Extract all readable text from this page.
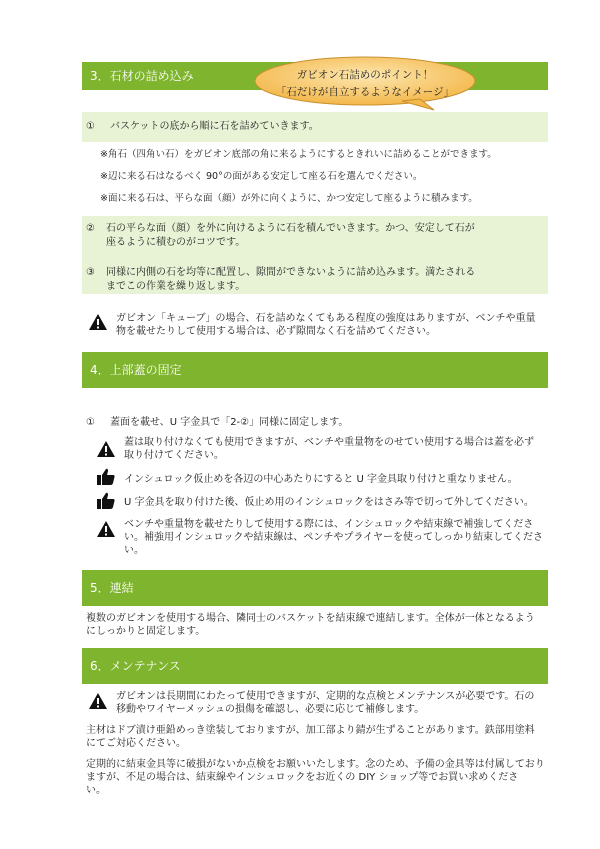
3．石材の詰め込み	ガビオン石詰めのポイント！
「石だけが自立するようなイメージ」
① バスケットの底から順に石を詰めていきます。
※角石（四角い石）をガビオン底部の角に来るようにするときれいに詰めることができます。
※辺に来る石はなるべく 90°の面がある安定して座る石を選んでください。
※面に来る石は、平らな面（顔）が外に向くように、かつ安定して座るように積みます。
② 石の平らな面（顔）を外に向けるように石を積んでいきます。かつ、安定して石が
座るように積むのがコツです。
③ 同様に内側の石を均等に配置し、隙間ができないように詰め込みます。満たされる
までこの作業を繰り返します。
ガビオン「キューブ」の場合、石を詰めなくてもある程度の強度はありますが、ベンチや重量
物を載せたりして使用する場合は、必ず隙間なく石を詰めてください。
4．上部蓋の固定
① 蓋面を載せ、U 字金具で「2-②」同様に固定します。
蓋は取り付けなくても使用できますが、ベンチや重量物をのせてい使用する場合は蓋を必ず
取り付けてください。
インシュロック仮止めを各辺の中心あたりにすると U 字金具取り付けと重なりません。
U 字金具を取り付けた後、仮止め用のインシュロックをはさみ等で切って外してください。
ベンチや重量物を載せたりして使用する際には、インシュロックや結束線で補強してくださ
い。補強用インシュロックや結束線は、ペンチやプライヤーを使ってしっかり結束してくださ
い。
5．連結
複数のガビオンを使用する場合、隣同士のバスケットを結束線で連結します。全体が一体となるよう
にしっかりと固定します。
6．メンテナンス
ガビオンは長期間にわたって使用できますが、定期的な点検とメンテナンスが必要です。石の
移動やワイヤーメッシュの損傷を確認し、必要に応じて補修します。
主材はドブ漬け亜鉛めっき塗装しておりますが、加工部より錆が生ずることがあります。鉄部用塗料
にてご対応ください。
定期的に結束金具等に破損がないか点検をお願いいたします。念のため、予備の金具等は付属しておりますが、不足の場合は、結束線やインシュロックをお近くの DIY ショップ等でお買い求めくださ
い。
